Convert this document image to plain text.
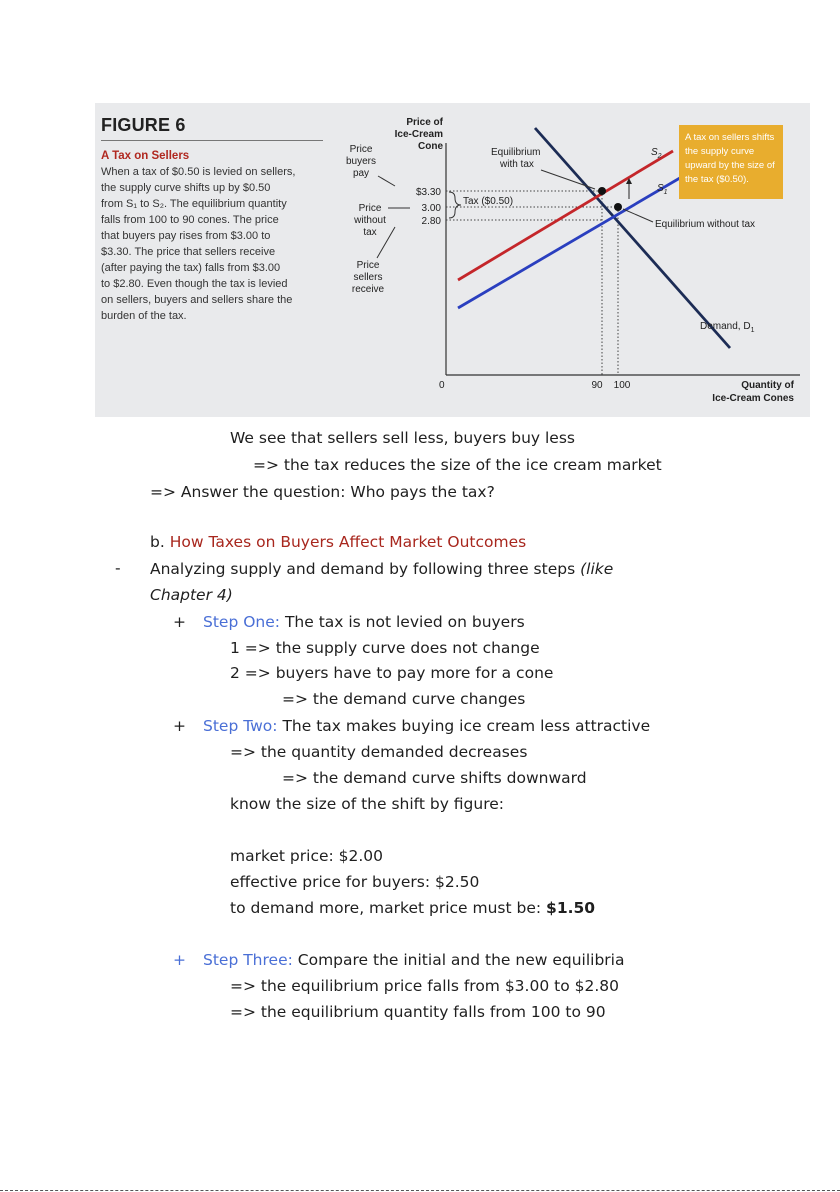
FIGURE 6
A Tax on Sellers
When a tax of $0.50 is levied on sellers,
the supply curve shifts up by $0.50
from S₁ to S₂. The equilibrium quantity
falls from 100 to 90 cones. The price
that buyers pay rises from $3.00 to
$3.30. The price that sellers receive
(after paying the tax) falls from $3.00
to $2.80. Even though the tax is levied
on sellers, buyers and sellers share the
burden of the tax.
Price of
Ice-Cream
Cone
Price
buyers
pay
Price
without
tax
Price
sellers
receive
$3.30
3.00
2.80
Tax ($0.50)
$S_2$
$S_1$
Equilibrium
with tax
Equilibrium without tax
Demand, $D_1$
0	90 100	Quantity of
Ice-Cream Cones
A tax on sellers shifts
the supply curve
upward by the size of
the tax ($0.50).
We see that sellers sell less, buyers buy less
=> the tax reduces the size of the ice cream market
=> Answer the question: Who pays the tax?
b. How Taxes on Buyers Affect Market Outcomes
- Analyzing supply and demand by following three steps (like
Chapter 4)
+ Step One: The tax is not levied on buyers
1 => the supply curve does not change
2 => buyers have to pay more for a cone
=> the demand curve changes
+ Step Two: The tax makes buying ice cream less attractive
=> the quantity demanded decreases
=> the demand curve shifts downward
know the size of the shift by figure:
market price: $2.00
effective price for buyers: $2.50
to demand more, market price must be: $1.50
+ Step Three: Compare the initial and the new equilibria
=> the equilibrium price falls from $3.00 to $2.80
=> the equilibrium quantity falls from 100 to 90
